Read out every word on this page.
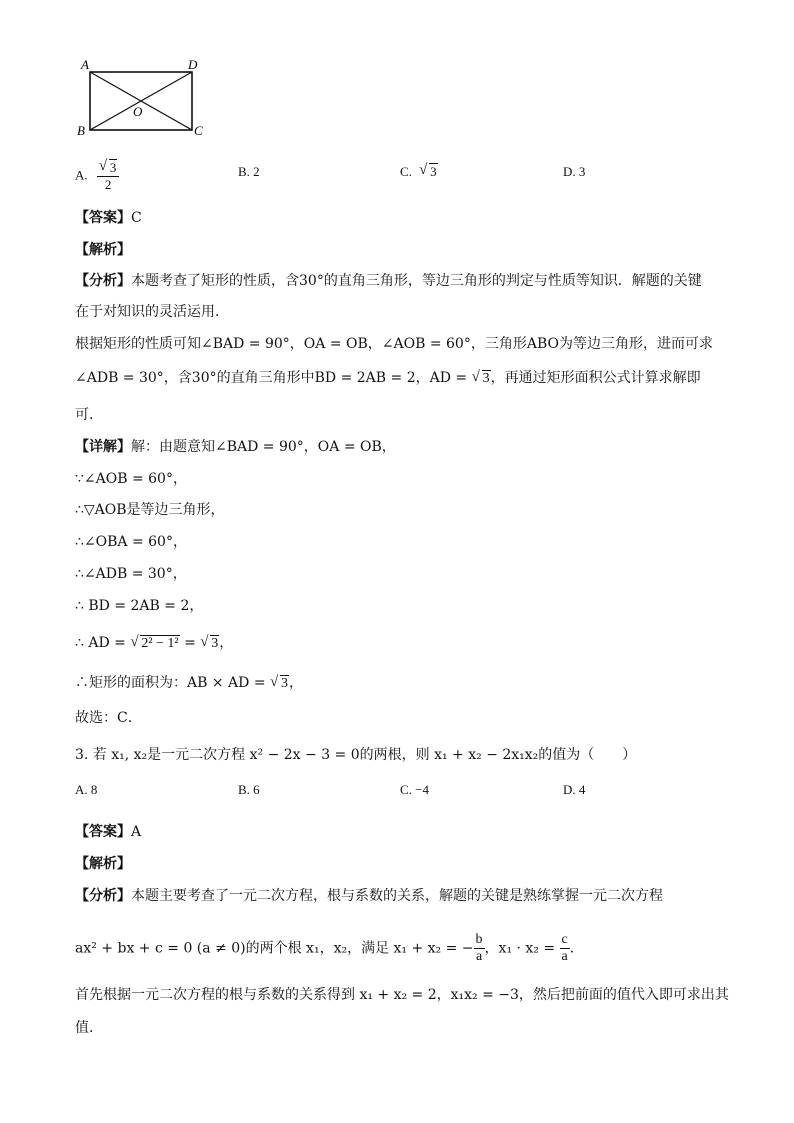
A	D
B	C
O
A. √ $\frac{3}{2}$	B. 2	C. √ 3	D. 3
【答案】C
【解析】
【分析】本题考查了矩形的性质，含30°的直角三角形，等边三角形的判定与性质等知识．解题的关键
在于对知识的灵活运用．
根据矩形的性质可知∠BAD = 90°，OA = OB，∠AOB = 60°，三角形ABO为等边三角形，进而可求
∠ADB = 30°，含30°的直角三角形中BD = 2AB = 2，AD = √ 3，再通过矩形面积公式计算求解即
可．
【详解】解：由题意知∠BAD = 90°，OA = OB，
∵∠AOB = 60°，
∴▽AOB是等边三角形，
∴∠OBA = 60°，
∴∠ADB = 30°，
∴ BD = 2AB = 2，
∴ AD = √ 2² − 1² = √ 3，
∴矩形的面积为：AB × AD = √ 3，
故选：C．
3. 若 x₁, x₂是一元二次方程 x² − 2x − 3 = 0的两根，则 x₁ + x₂ − 2x₁x₂的值为（　　）
A. 8	B. 6	C. −4	D. 4
【答案】A
【解析】
【分析】本题主要考查了一元二次方程，根与系数的关系，解题的关键是熟练掌握一元二次方程
ax² + bx + c = 0 (a ≠ 0)的两个根 x₁，x₂，满足 x₁ + x₂ = − $\frac{b}{a}$ ，$x_1 \cdot x_2 = \frac{c}{a}$ ．
首先根据一元二次方程的根与系数的关系得到 x₁ + x₂ = 2，x₁x₂ = −3，然后把前面的值代入即可求出其
值．
